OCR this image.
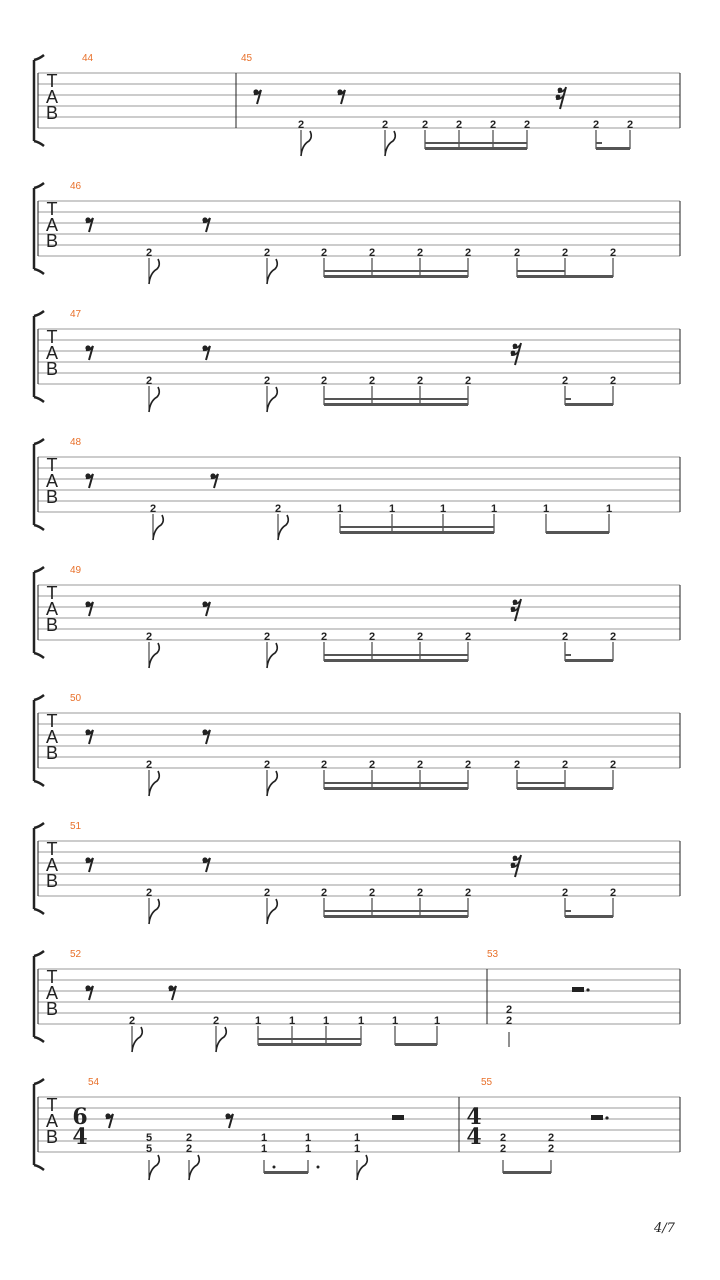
T
A
B
44	45
2	2	2	2	2	2	2	2
T
A
B
46
2	2	2	2	2	2	2	2	2
T
A
B
47
2	2	2	2	2	2	2	2
T
A
B
48
2	2	1	1	1	1	1	1
T
A
B
49
2	2	2	2	2	2	2	2
T
A
B
50
2	2	2	2	2	2	2	2	2
T
A
B
51
2	2	2	2	2	2	2	2
T
A
B
52
2	2	1	1	1	1	1	1
53
2
2
T
A
B
54
6
4	5
5
2
2
1
1
1
1
1
1
55
4
4 2
2
2
2
4/7
